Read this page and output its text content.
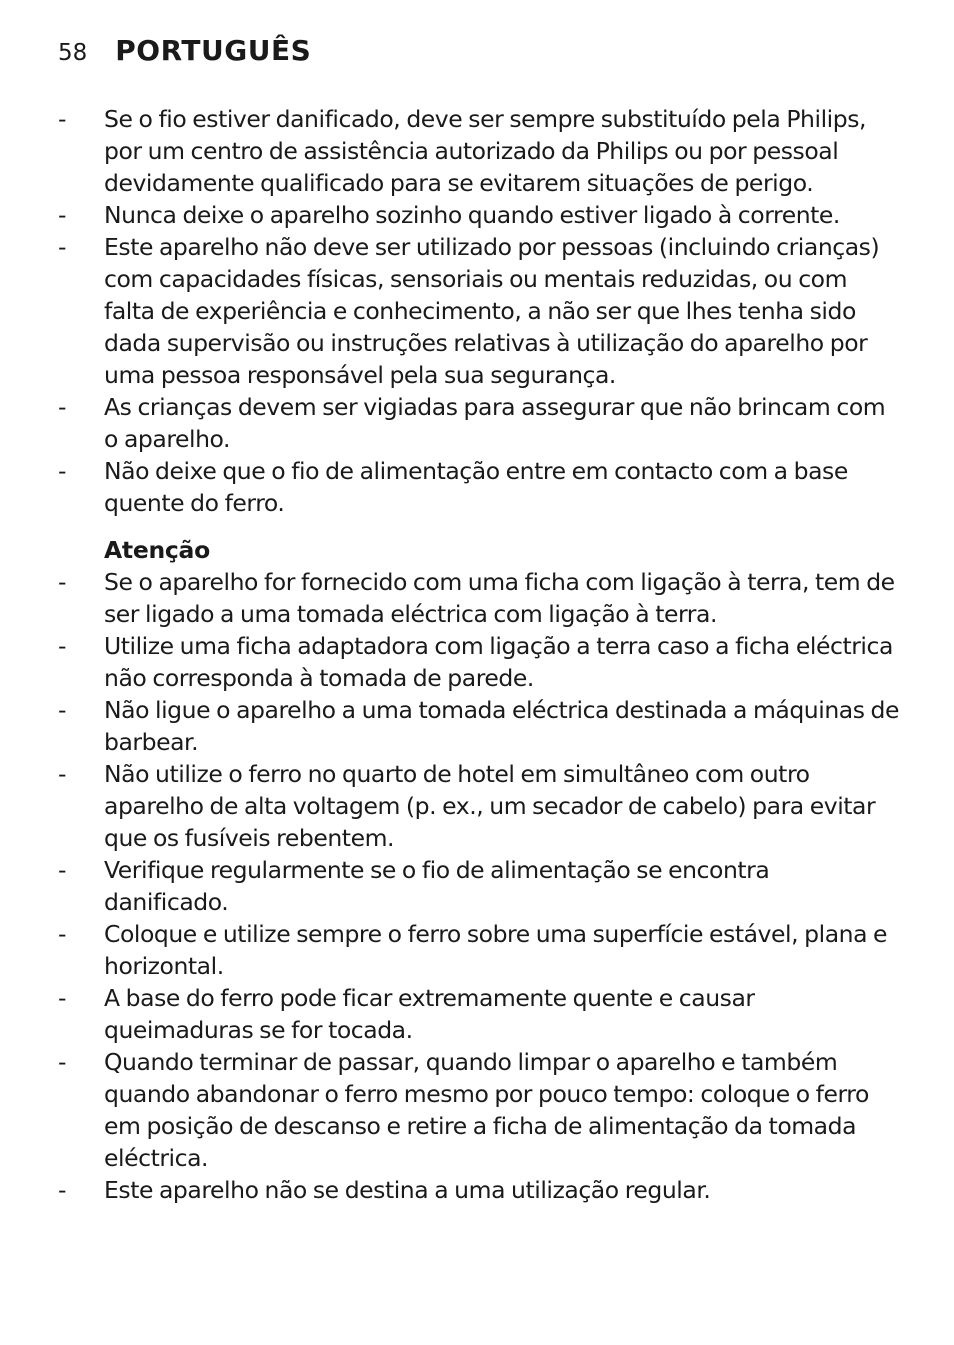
58 PORTUGUÊS
- Se o fio estiver danificado, deve ser sempre substituído pela Philips, por um centro de assistência autorizado da Philips ou por pessoal devidamente qualificado para se evitarem situações de perigo.
- Nunca deixe o aparelho sozinho quando estiver ligado à corrente.
- Este aparelho não deve ser utilizado por pessoas (incluindo crianças) com capacidades físicas, sensoriais ou mentais reduzidas, ou com falta de experiência e conhecimento, a não ser que lhes tenha sido dada supervisão ou instruções relativas à utilização do aparelho por uma pessoa responsável pela sua segurança.
- As crianças devem ser vigiadas para assegurar que não brincam com o aparelho.
- Não deixe que o fio de alimentação entre em contacto com a base quente do ferro.
Atenção
- Se o aparelho for fornecido com uma ficha com ligação à terra, tem de ser ligado a uma tomada eléctrica com ligação à terra.
- Utilize uma ficha adaptadora com ligação a terra caso a ficha eléctrica não corresponda à tomada de parede.
- Não ligue o aparelho a uma tomada eléctrica destinada a máquinas de barbear.
- Não utilize o ferro no quarto de hotel em simultâneo com outro aparelho de alta voltagem (p. ex., um secador de cabelo) para evitar que os fusíveis rebentem.
- Verifique regularmente se o fio de alimentação se encontra danificado.
- Coloque e utilize sempre o ferro sobre uma superfície estável, plana e horizontal.
- A base do ferro pode ficar extremamente quente e causar queimaduras se for tocada.
- Quando terminar de passar, quando limpar o aparelho e também quando abandonar o ferro mesmo por pouco tempo: coloque o ferro em posição de descanso e retire a ficha de alimentação da tomada eléctrica.
- Este aparelho não se destina a uma utilização regular.
